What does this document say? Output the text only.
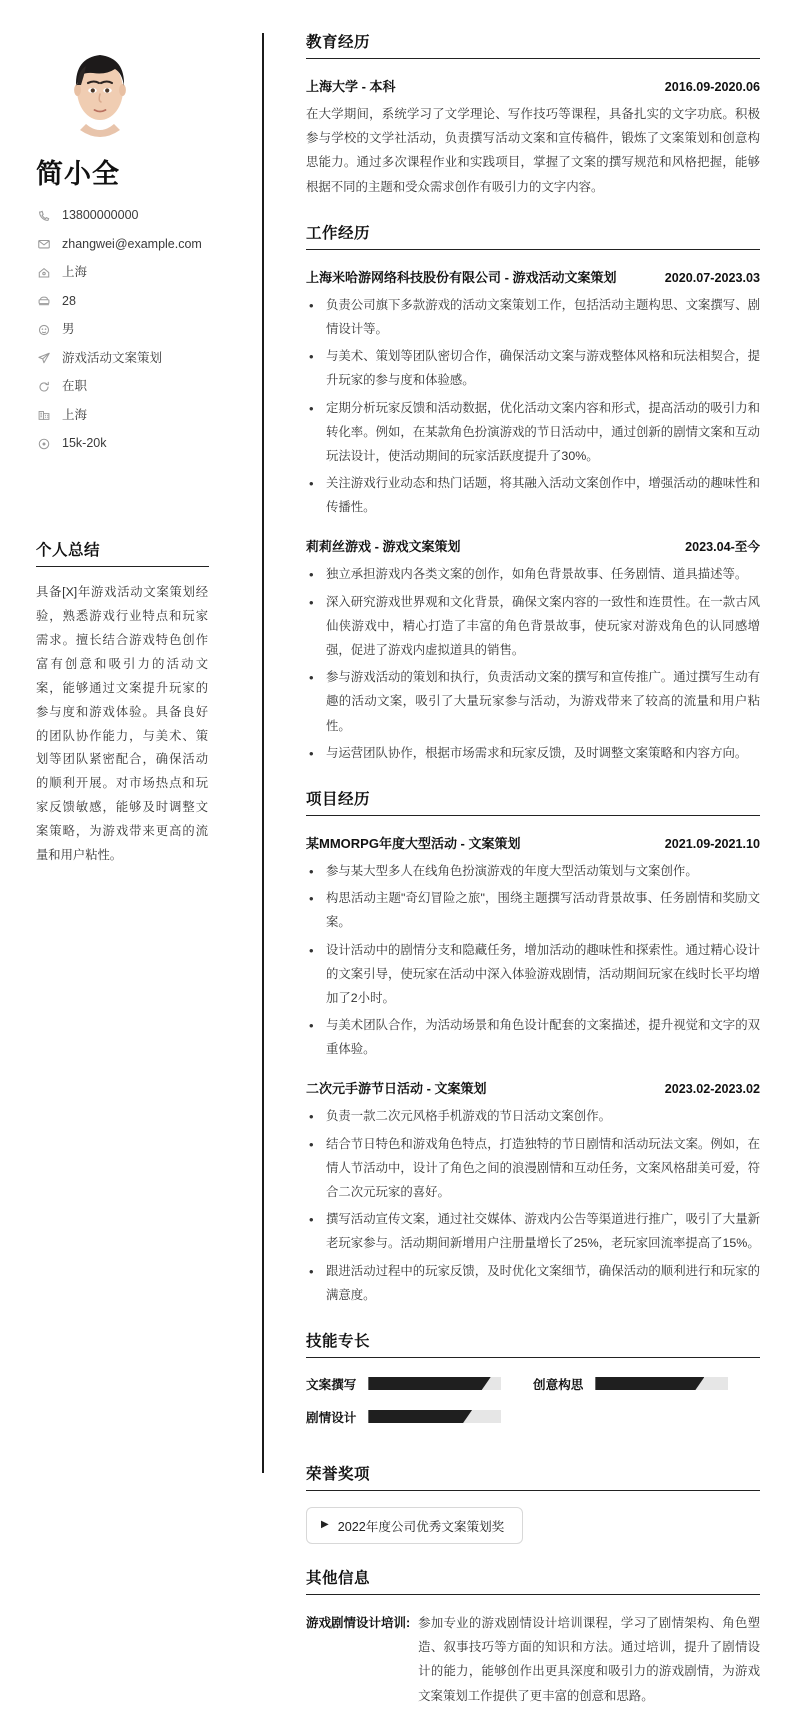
简小全
13800000000
zhangwei@example.com
上海
28
男
游戏活动文案策划
在职
上海
15k-20k
个人总结
具备[X]年游戏活动文案策划经验，熟悉游戏行业特点和玩家需求。擅长结合游戏特色创作富有创意和吸引力的活动文案，能够通过文案提升玩家的参与度和游戏体验。具备良好的团队协作能力，与美术、策划等团队紧密配合，确保活动的顺利开展。对市场热点和玩家反馈敏感，能够及时调整文案策略，为游戏带来更高的流量和用户粘性。
教育经历
上海大学 - 本科	2016.09-2020.06
在大学期间，系统学习了文学理论、写作技巧等课程，具备扎实的文字功底。积极参与学校的文学社活动，负责撰写活动文案和宣传稿件，锻炼了文案策划和创意构思能力。通过多次课程作业和实践项目，掌握了文案的撰写规范和风格把握，能够根据不同的主题和受众需求创作有吸引力的文字内容。
工作经历
上海米哈游网络科技股份有限公司 - 游戏活动文案策划	2020.07-2023.03
• 负责公司旗下多款游戏的活动文案策划工作，包括活动主题构思、文案撰写、剧情设计等。
• 与美术、策划等团队密切合作，确保活动文案与游戏整体风格和玩法相契合，提升玩家的参与度和体验感。
• 定期分析玩家反馈和活动数据，优化活动文案内容和形式，提高活动的吸引力和转化率。例如，在某款角色扮演游戏的节日活动中，通过创新的剧情文案和互动玩法设计，使活动期间的玩家活跃度提升了30%。
• 关注游戏行业动态和热门话题，将其融入活动文案创作中，增强活动的趣味性和传播性。
莉莉丝游戏 - 游戏文案策划	2023.04-至今
• 独立承担游戏内各类文案的创作，如角色背景故事、任务剧情、道具描述等。
• 深入研究游戏世界观和文化背景，确保文案内容的一致性和连贯性。在一款古风仙侠游戏中，精心打造了丰富的角色背景故事，使玩家对游戏角色的认同感增强，促进了游戏内虚拟道具的销售。
• 参与游戏活动的策划和执行，负责活动文案的撰写和宣传推广。通过撰写生动有趣的活动文案，吸引了大量玩家参与活动，为游戏带来了较高的流量和用户粘性。
• 与运营团队协作，根据市场需求和玩家反馈，及时调整文案策略和内容方向。
项目经历
某MMORPG年度大型活动 - 文案策划	2021.09-2021.10
• 参与某大型多人在线角色扮演游戏的年度大型活动策划与文案创作。
• 构思活动主题"奇幻冒险之旅"，围绕主题撰写活动背景故事、任务剧情和奖励文案。
• 设计活动中的剧情分支和隐藏任务，增加活动的趣味性和探索性。通过精心设计的文案引导，使玩家在活动中深入体验游戏剧情，活动期间玩家在线时长平均增加了2小时。
• 与美术团队合作，为活动场景和角色设计配套的文案描述，提升视觉和文字的双重体验。
二次元手游节日活动 - 文案策划	2023.02-2023.02
• 负责一款二次元风格手机游戏的节日活动文案创作。
• 结合节日特色和游戏角色特点，打造独特的节日剧情和活动玩法文案。例如，在情人节活动中，设计了角色之间的浪漫剧情和互动任务，文案风格甜美可爱，符合二次元玩家的喜好。
• 撰写活动宣传文案，通过社交媒体、游戏内公告等渠道进行推广，吸引了大量新老玩家参与。活动期间新增用户注册量增长了25%，老玩家回流率提高了15%。
• 跟进活动过程中的玩家反馈，及时优化文案细节，确保活动的顺利进行和玩家的满意度。
技能专长
文案撰写	创意构思
剧情设计
荣誉奖项
▶ 2022年度公司优秀文案策划奖
其他信息
游戏剧情设计培训: 参加专业的游戏剧情设计培训课程，学习了剧情架构、角色塑造、叙事技巧等方面的知识和方法。通过培训，提升了剧情设计的能力，能够创作出更具深度和吸引力的游戏剧情，为游戏文案策划工作提供了更丰富的创意和思路。
